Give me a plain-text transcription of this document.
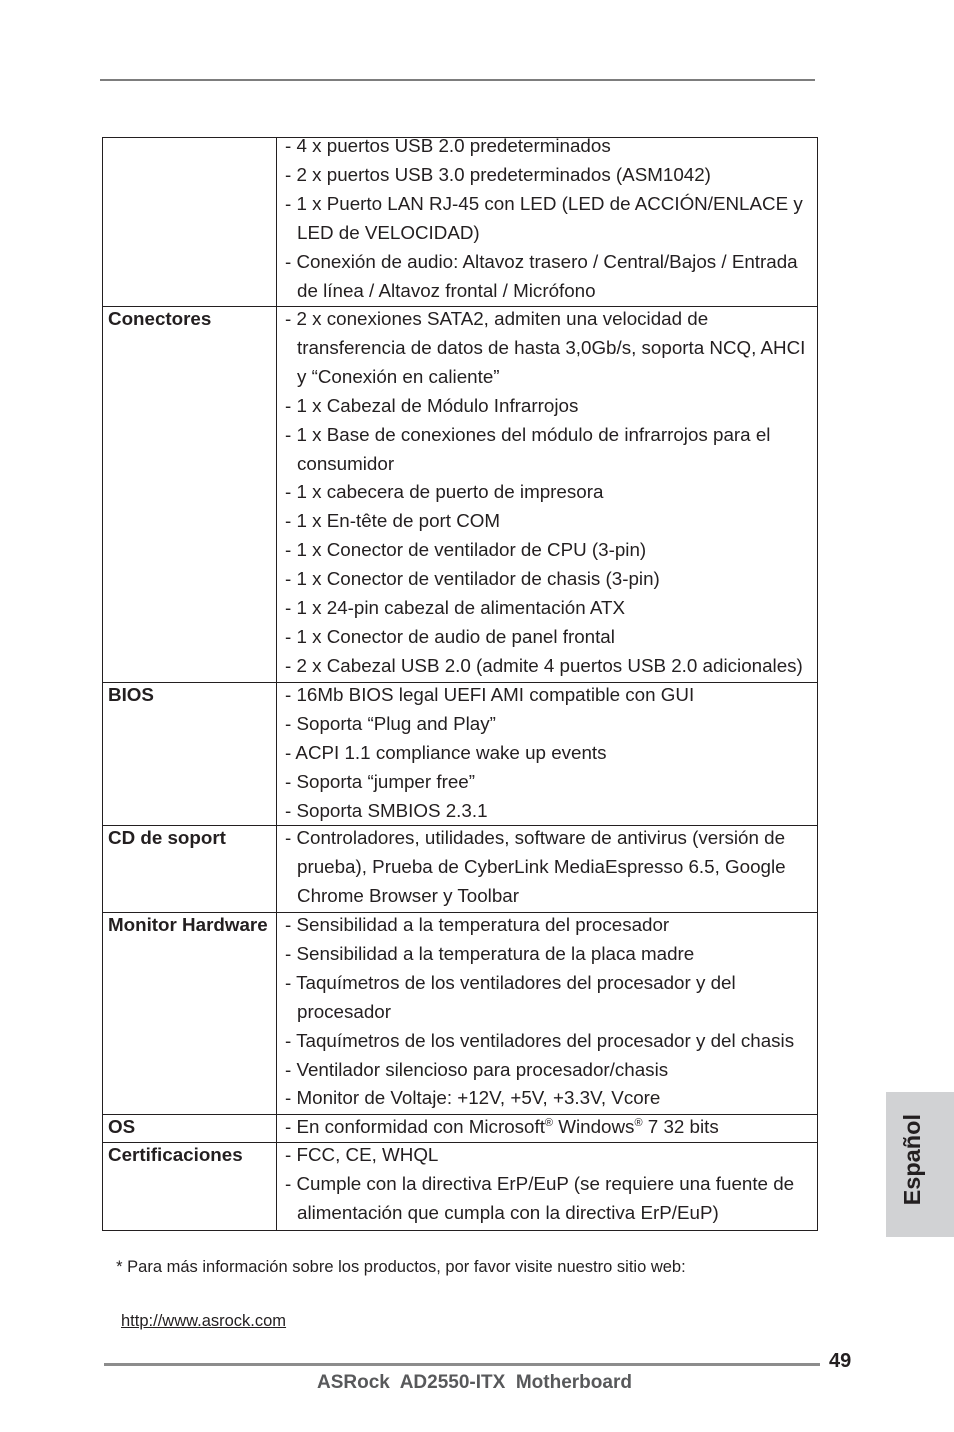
- 4 x puertos USB 2.0 predeterminados
- 2 x puertos USB 3.0 predeterminados (ASM1042)
- 1 x Puerto LAN RJ-45 con LED (LED de ACCIÓN/ENLACE y
LED de VELOCIDAD)
- Conexión de audio: Altavoz trasero / Central/Bajos / Entrada
de línea / Altavoz frontal / Micrófono
Conectores	- 2 x conexiones SATA2, admiten una velocidad de
transferencia de datos de hasta 3,0Gb/s, soporta NCQ, AHCI
y “Conexión en caliente”
- 1 x Cabezal de Módulo Infrarrojos
- 1 x Base de conexiones del módulo de infrarrojos para el
consumidor
- 1 x cabecera de puerto de impresora
- 1 x En-tête de port COM
- 1 x Conector de ventilador de CPU (3-pin)
- 1 x Conector de ventilador de chasis (3-pin)
- 1 x 24-pin cabezal de alimentación ATX
- 1 x Conector de audio de panel frontal
- 2 x Cabezal USB 2.0 (admite 4 puertos USB 2.0 adicionales)
BIOS	- 16Mb BIOS legal UEFI AMI compatible con GUI
- Soporta “Plug and Play”
- ACPI 1.1 compliance wake up events
- Soporta “jumper free”
- Soporta SMBIOS 2.3.1
CD de soport	- Controladores, utilidades, software de antivirus (versión de
prueba), Prueba de CyberLink MediaEspresso 6.5, Google
Chrome Browser y Toolbar
Monitor Hardware - Sensibilidad a la temperatura del procesador
- Sensibilidad a la temperatura de la placa madre
- Taquímetros de los ventiladores del procesador y del
procesador
- Taquímetros de los ventiladores del procesador y del chasis
- Ventilador silencioso para procesador/chasis
- Monitor de Voltaje: +12V, +5V, +3.3V, Vcore
OS	- En conformidad con Microsoft® Windows® 7 32 bits
Certificaciones	- FCC, CE, WHQL
- Cumple con la directiva ErP/EuP (se requiere una fuente de
alimentación que cumpla con la directiva ErP/EuP)

* Para más información sobre los productos, por favor visite nuestro sitio web:

http://www.asrock.com

Español
49
ASRock  AD2550-ITX  Motherboard
